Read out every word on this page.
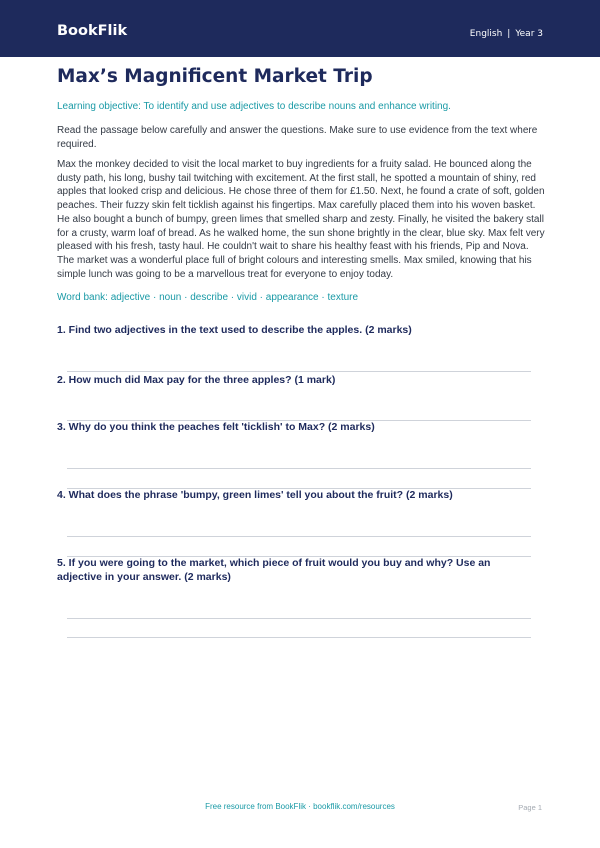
BookFlik	English | Year 3
Max’s Magnificent Market Trip
Learning objective: To identify and use adjectives to describe nouns and enhance writing.
Read the passage below carefully and answer the questions. Make sure to use evidence from the text where required.
Max the monkey decided to visit the local market to buy ingredients for a fruity salad. He bounced along the dusty path, his long, bushy tail twitching with excitement. At the first stall, he spotted a mountain of shiny, red apples that looked crisp and delicious. He chose three of them for £1.50. Next, he found a crate of soft, golden peaches. Their fuzzy skin felt ticklish against his fingertips. Max carefully placed them into his woven basket. He also bought a bunch of bumpy, green limes that smelled sharp and zesty. Finally, he visited the bakery stall for a crusty, warm loaf of bread. As he walked home, the sun shone brightly in the clear, blue sky. Max felt very pleased with his fresh, tasty haul. He couldn't wait to share his healthy feast with his friends, Pip and Nova. The market was a wonderful place full of bright colours and interesting smells. Max smiled, knowing that his simple lunch was going to be a marvellous treat for everyone to enjoy today.
Word bank: adjective · noun · describe · vivid · appearance · texture
1. Find two adjectives in the text used to describe the apples. (2 marks)
2. How much did Max pay for the three apples? (1 mark)
3. Why do you think the peaches felt 'ticklish' to Max? (2 marks)
4. What does the phrase 'bumpy, green limes' tell you about the fruit? (2 marks)
5. If you were going to the market, which piece of fruit would you buy and why? Use an adjective in your answer. (2 marks)
Free resource from BookFlik · bookflik.com/resources	Page 1
